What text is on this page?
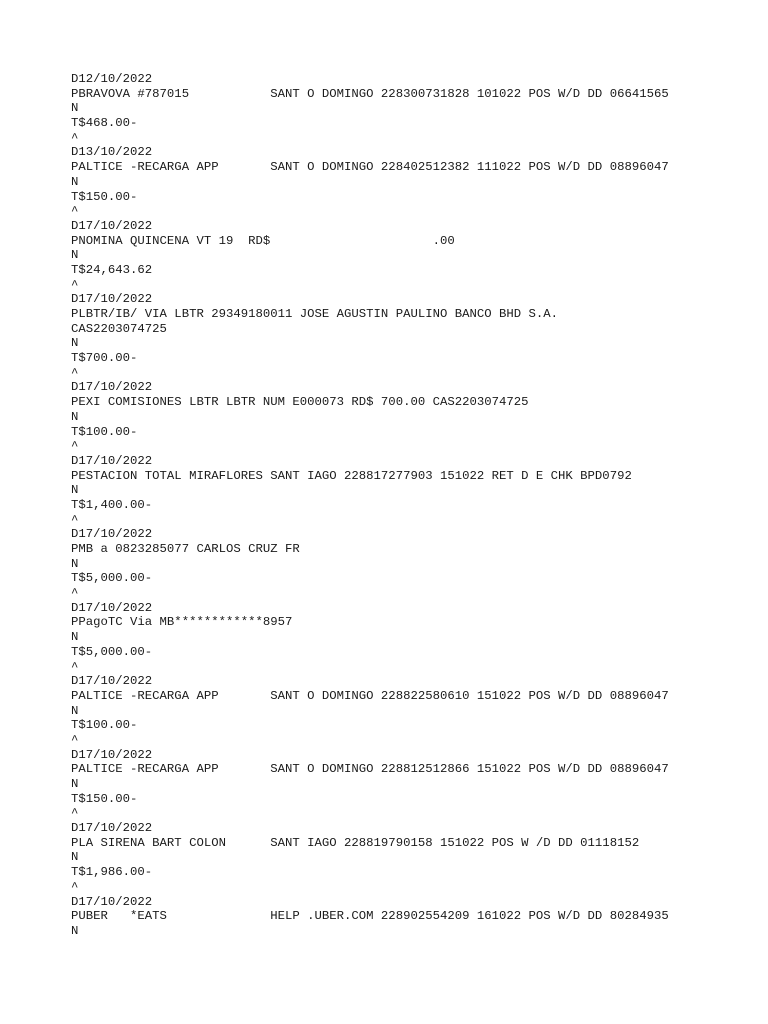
D12/10/2022
PBRAVOVA #787015           SANT O DOMINGO 228300731828 101022 POS W/D DD 06641565
N
T$468.00-
^
D13/10/2022
PALTICE -RECARGA APP       SANT O DOMINGO 228402512382 111022 POS W/D DD 08896047
N
T$150.00-
^
D17/10/2022
PNOMINA QUINCENA VT 19  RD$                      .00
N
T$24,643.62
^
D17/10/2022
PLBTR/IB/ VIA LBTR 29349180011 JOSE AGUSTIN PAULINO BANCO BHD S.A.
CAS2203074725
N
T$700.00-
^
D17/10/2022
PEXI COMISIONES LBTR LBTR NUM E000073 RD$ 700.00 CAS2203074725
N
T$100.00-
^
D17/10/2022
PESTACION TOTAL MIRAFLORES SANT IAGO 228817277903 151022 RET D E CHK BPD0792
N
T$1,400.00-
^
D17/10/2022
PMB a 0823285077 CARLOS CRUZ FR
N
T$5,000.00-
^
D17/10/2022
PPagoTC Via MB************8957
N
T$5,000.00-
^
D17/10/2022
PALTICE -RECARGA APP       SANT O DOMINGO 228822580610 151022 POS W/D DD 08896047
N
T$100.00-
^
D17/10/2022
PALTICE -RECARGA APP       SANT O DOMINGO 228812512866 151022 POS W/D DD 08896047
N
T$150.00-
^
D17/10/2022
PLA SIRENA BART COLON      SANT IAGO 228819790158 151022 POS W /D DD 01118152
N
T$1,986.00-
^
D17/10/2022
PUBER   *EATS              HELP .UBER.COM 228902554209 161022 POS W/D DD 80284935
N
